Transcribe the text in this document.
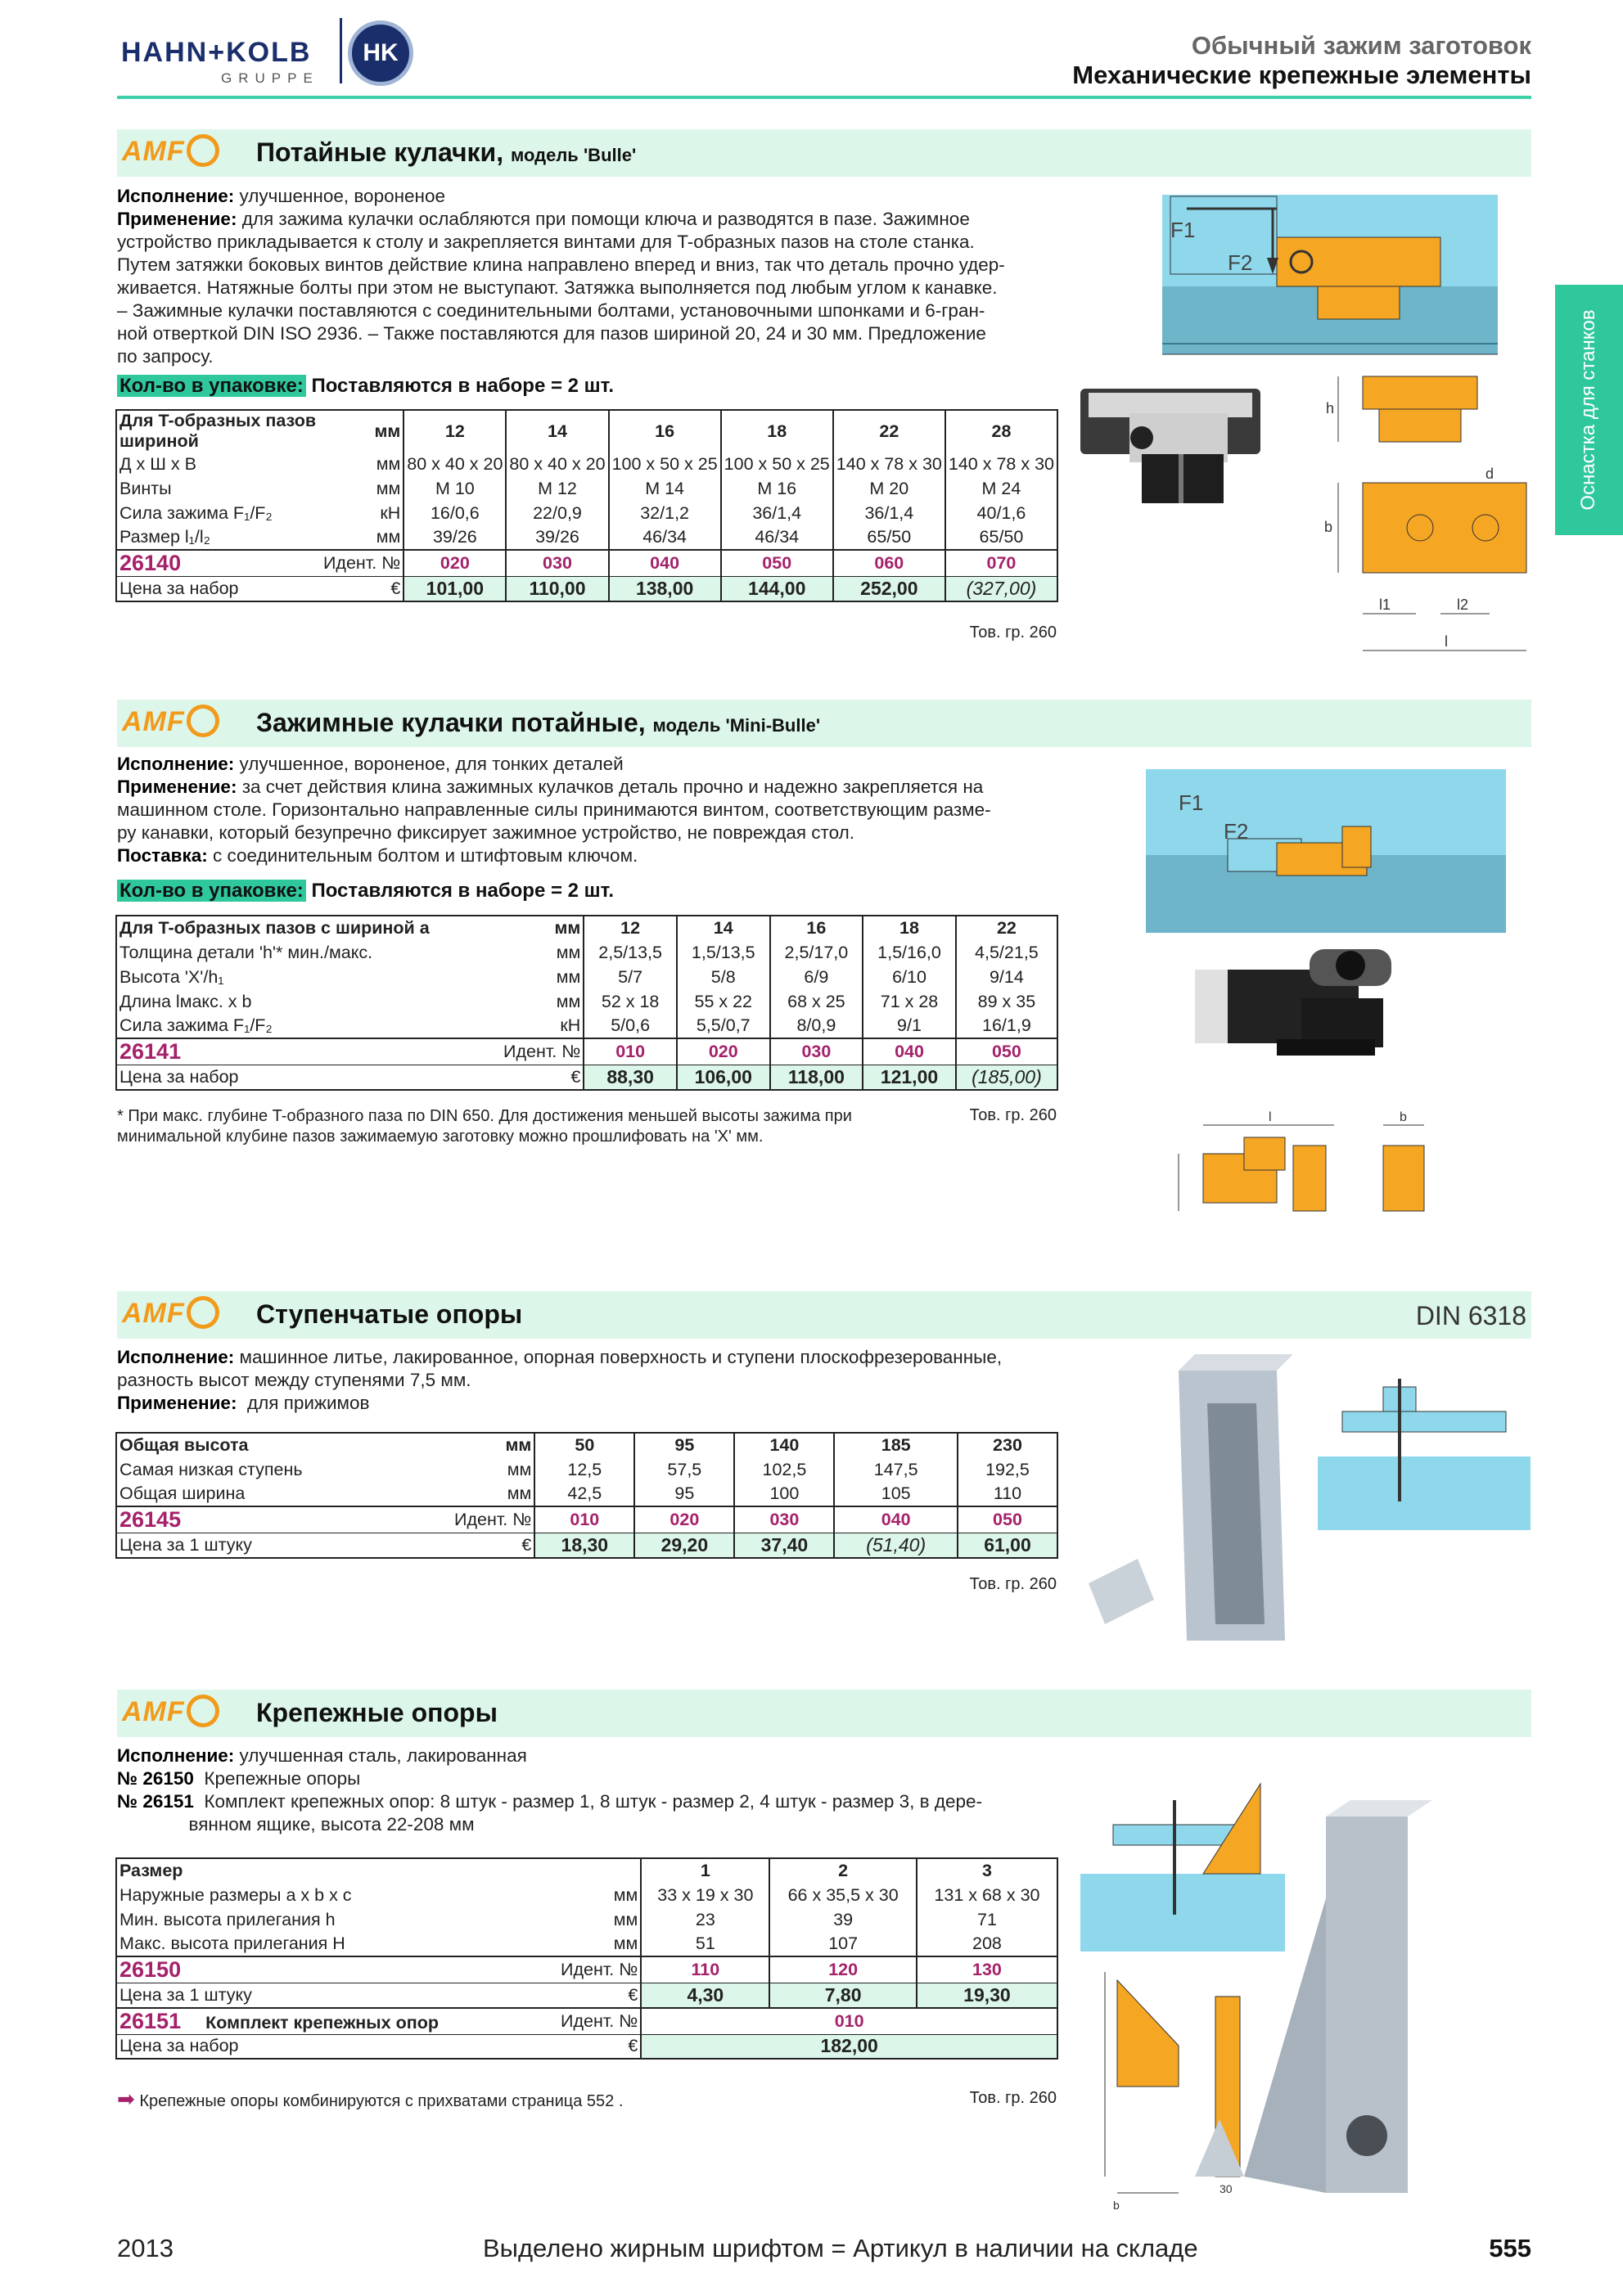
HAHN+KOLB
GRUPPE
HK	Обычный зажим заготовок
Механические крепежные элементы
Оснастка для станков
AMF	Потайные кулачки, модель 'Bulle'
Исполнение: улучшенное, вороненое
Применение: для зажима кулачки ослабляются при помощи ключа и разводятся в пазе. Зажимное
устройство прикладывается к столу и закрепляется винтами для T-образных пазов на столе станка.
Путем затяжки боковых винтов действие клина направлено вперед и вниз, так что деталь прочно удер-
живается. Натяжные болты при этом не выступают. Затяжка выполняется под любым углом к канавке.
– Зажимные кулачки поставляются с соединительными болтами, установочными шпонками и 6-гран-
ной отверткой DIN ISO 2936. – Также поставляются для пазов шириной 20, 24 и 30 мм. Предложение
по запросу.
Кол-во в упаковке: Поставляются в наборе = 2 шт.
Для T-образных пазов
шириной	мм	12	14	16	18	22	28
Д х Ш х В	мм	80 x 40 x 20	80 x 40 x 20	100 x 50 x 25	100 x 50 x 25	140 x 78 x 30	140 x 78 x 30
Винты	мм	M 10	M 12	M 14	M 16	M 20	M 24
Сила зажима F₁/F₂	кН	16/0,6	22/0,9	32/1,2	36/1,4	36/1,4	40/1,6
Размер l₁/l₂	мм	39/26	39/26	46/34	46/34	65/50	65/50
26140	Идент. №	020	030	040	050	060	070
Цена за набор	€	101,00	110,00	138,00	144,00	252,00	(327,00)
Тов. гр. 260
F1
F2
h
b
l1	l2
l
d
AMF	Зажимные кулачки потайные, модель 'Mini-Bulle'
Исполнение: улучшенное, вороненое, для тонких деталей
Применение: за счет действия клина зажимных кулачков деталь прочно и надежно закрепляется на
машинном столе. Горизонтально направленные силы принимаются винтом, соответствующим разме-
ру канавки, который безупречно фиксирует зажимное устройство, не повреждая стол.
Поставка: с соединительным болтом и штифтовым ключом.
Кол-во в упаковке: Поставляются в наборе = 2 шт.
Для T-образных пазов с шириной a	мм	12	14	16	18	22
Толщина детали 'h'* мин./макс.	мм	2,5/13,5	1,5/13,5	2,5/17,0	1,5/16,0	4,5/21,5
Высота 'X'/h₁	мм	5/7	5/8	6/9	6/10	9/14
Длина lмакс. x b	мм	52 x 18	55 x 22	68 x 25	71 x 28	89 x 35
Сила зажима F₁/F₂	кН	5/0,6	5,5/0,7	8/0,9	9/1	16/1,9
26141	Идент. №	010	020	030	040	050
Цена за набор	€	88,30	106,00	118,00	121,00	(185,00)
* При макс. глубине T-образного паза по DIN 650. Для достижения меньшей высоты зажима при
минимальной клубине пазов зажимаемую заготовку можно прошлифовать на 'X' мм.
Тов. гр. 260
F1
F2
l	b
AMF	Ступенчатые опоры	DIN 6318
Исполнение: машинное литье, лакированное, опорная поверхность и ступени плоскофрезерованные,
разность высот между ступенями 7,5 мм.
Применение:  для прижимов
Общая высота	мм	50	95	140	185	230
Самая низкая ступень	мм	12,5	57,5	102,5	147,5	192,5
Общая ширина	мм	42,5	95	100	105	110
26145	Идент. №	010	020	030	040	050
Цена за 1 штуку	€	18,30	29,20	37,40	(51,40)	61,00
Тов. гр. 260
AMF	Крепежные опоры
Исполнение: улучшенная сталь, лакированная
№ 26150  Крепежные опоры
№ 26151  Комплект крепежных опор: 8 штук - размер 1, 8 штук - размер 2, 4 штук - размер 3, в дере-
вянном ящике, высота 22-208 мм
Размер		1	2	3
Наружные размеры a x b x c	мм	33 x 19 x 30	66 x 35,5 x 30	131 x 68 x 30
Мин. высота прилегания h	мм	23	39	71
Макс. высота прилегания H	мм	51	107	208
26150	Идент. №	110	120	130
Цена за 1 штуку	€	4,30	7,80	19,30
26151 Комплект крепежных опор	Идент. №	010		
Цена за набор	€	182,00		
➡ Крепежные опоры комбинируются с прихватами страница 552 .	Тов. гр. 260
b
30
2013	Выделено жирным шрифтом = Артикул в наличии на складе	555
